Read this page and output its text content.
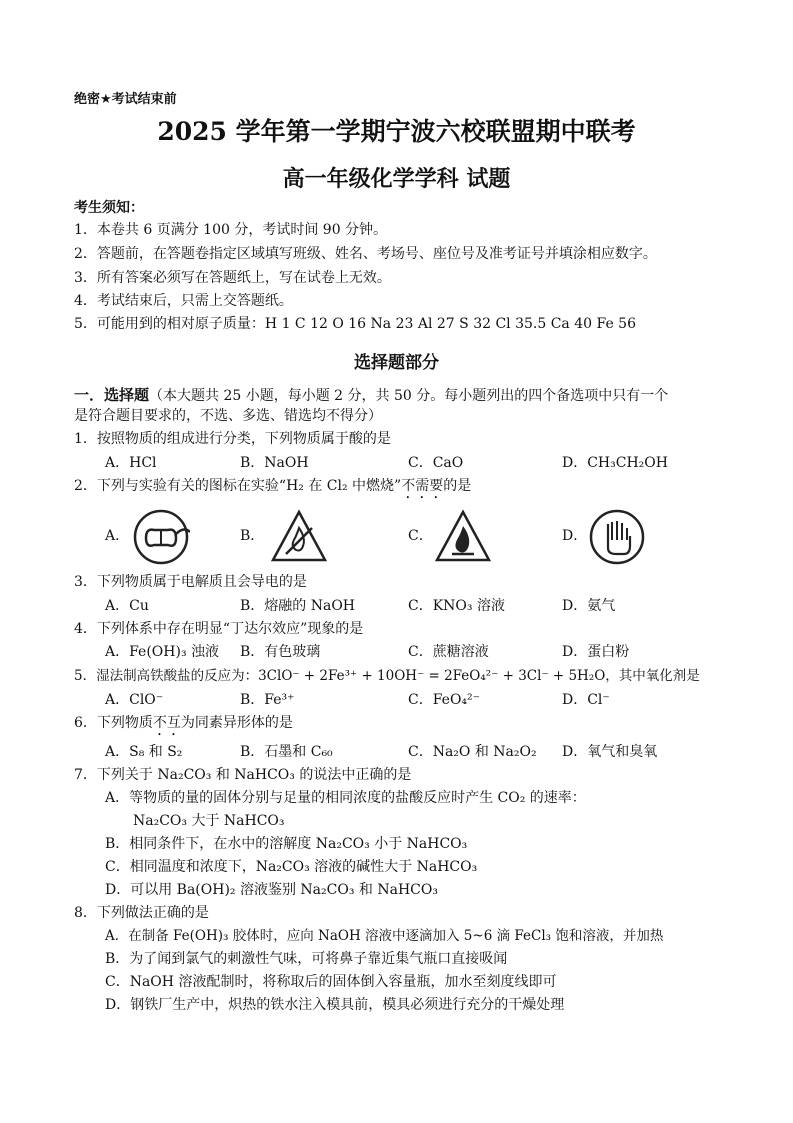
绝密★考试结束前
2025 学年第一学期宁波六校联盟期中联考
高一年级化学学科 试题
考生须知：
1．本卷共 6 页满分 100 分，考试时间 90 分钟。
2．答题前，在答题卷指定区域填写班级、姓名、考场号、座位号及准考证号并填涂相应数字。
3．所有答案必须写在答题纸上，写在试卷上无效。
4．考试结束后，只需上交答题纸。
5．可能用到的相对原子质量：H 1 C 12 O 16 Na 23 Al 27 S 32 Cl 35.5 Ca 40 Fe 56
选择题部分
一．选择题（本大题共 25 小题，每小题 2 分，共 50 分。每小题列出的四个备选项中只有一个
是符合题目要求的，不选、多选、错选均不得分）
1．按照物质的组成进行分类，下列物质属于酸的是
A．HCl	B．NaOH	C．CaO	D．CH₃CH₂OH
2．下列与实验有关的图标在实验“H₂ 在 Cl₂ 中燃烧”不需要的是
A．	B．	C．	D．
3．下列物质属于电解质且会导电的是
A．Cu	B．熔融的 NaOH	C．KNO₃ 溶液	D．氨气
4．下列体系中存在明显“丁达尔效应”现象的是
A．Fe(OH)₃ 浊液 B．有色玻璃	C．蔗糖溶液	D．蛋白粉
5．湿法制高铁酸盐的反应为：3ClO⁻ + 2Fe³⁺ + 10OH⁻ = 2FeO₄²⁻ + 3Cl⁻ + 5H₂O，其中氧化剂是
A．ClO⁻	B．Fe³⁺	C．FeO₄²⁻	D．Cl⁻
6．下列物质不互为同素异形体的是
A．S₈ 和 S₂	B．石墨和 C₆₀	C．Na₂O 和 Na₂O₂ D．氧气和臭氧
7．下列关于 Na₂CO₃ 和 NaHCO₃ 的说法中正确的是
A．等物质的量的固体分别与足量的相同浓度的盐酸反应时产生 CO₂ 的速率：
Na₂CO₃ 大于 NaHCO₃
B．相同条件下，在水中的溶解度 Na₂CO₃ 小于 NaHCO₃
C．相同温度和浓度下，Na₂CO₃ 溶液的碱性大于 NaHCO₃
D．可以用 Ba(OH)₂ 溶液鉴别 Na₂CO₃ 和 NaHCO₃
8．下列做法正确的是
A．在制备 Fe(OH)₃ 胶体时，应向 NaOH 溶液中逐滴加入 5~6 滴 FeCl₃ 饱和溶液，并加热
B．为了闻到氯气的刺激性气味，可将鼻子靠近集气瓶口直接吸闻
C．NaOH 溶液配制时，将称取后的固体倒入容量瓶，加水至刻度线即可
D．钢铁厂生产中，炽热的铁水注入模具前，模具必须进行充分的干燥处理
